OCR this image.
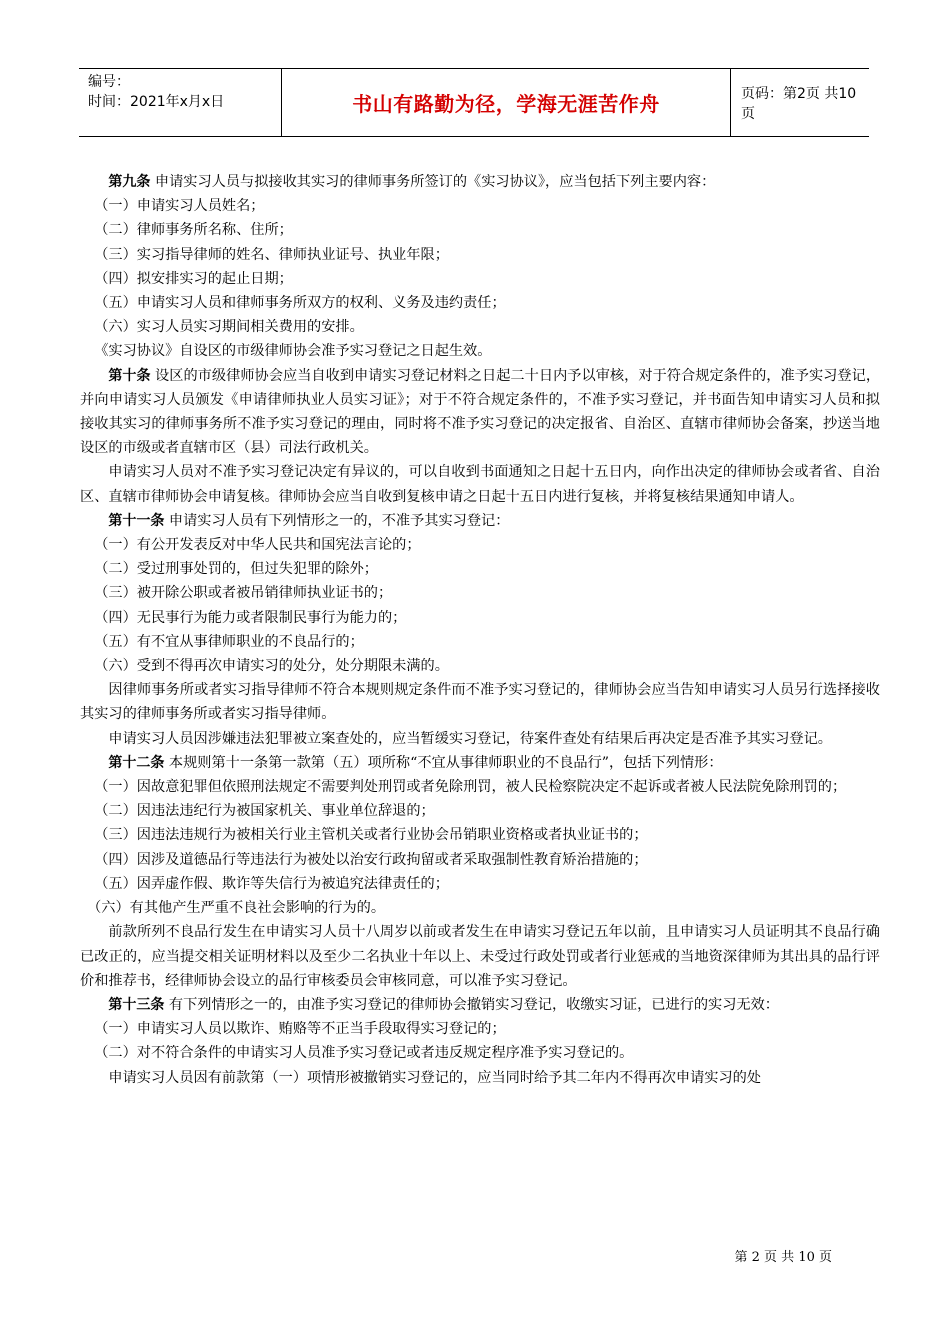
编号：
时间：2021年x月x日	书山有路勤为径，学海无涯苦作舟	页码：第2页 共10页

第九条 申请实习人员与拟接收其实习的律师事务所签订的《实习协议》，应当包括下列主要内容：

（一）申请实习人员姓名；

（二）律师事务所名称、住所；

（三）实习指导律师的姓名、律师执业证号、执业年限；

（四）拟安排实习的起止日期；

（五）申请实习人员和律师事务所双方的权利、义务及违约责任；

（六）实习人员实习期间相关费用的安排。

《实习协议》自设区的市级律师协会准予实习登记之日起生效。

第十条 设区的市级律师协会应当自收到申请实习登记材料之日起二十日内予以审核，对于符合规定条件的，准予实习登记，并向申请实习人员颁发《申请律师执业人员实习证》；对于不符合规定条件的，不准予实习登记，并书面告知申请实习人员和拟接收其实习的律师事务所不准予实习登记的理由，同时将不准予实习登记的决定报省、自治区、直辖市律师协会备案，抄送当地设区的市级或者直辖市区（县）司法行政机关。

申请实习人员对不准予实习登记决定有异议的，可以自收到书面通知之日起十五日内，向作出决定的律师协会或者省、自治区、直辖市律师协会申请复核。律师协会应当自收到复核申请之日起十五日内进行复核，并将复核结果通知申请人。

第十一条 申请实习人员有下列情形之一的，不准予其实习登记：

（一）有公开发表反对中华人民共和国宪法言论的；

（二）受过刑事处罚的，但过失犯罪的除外；

（三）被开除公职或者被吊销律师执业证书的；

（四）无民事行为能力或者限制民事行为能力的；

（五）有不宜从事律师职业的不良品行的；

（六）受到不得再次申请实习的处分，处分期限未满的。

因律师事务所或者实习指导律师不符合本规则规定条件而不准予实习登记的，律师协会应当告知申请实习人员另行选择接收其实习的律师事务所或者实习指导律师。

申请实习人员因涉嫌违法犯罪被立案查处的，应当暂缓实习登记，待案件查处有结果后再决定是否准予其实习登记。

第十二条 本规则第十一条第一款第（五）项所称“不宜从事律师职业的不良品行”，包括下列情形：

（一）因故意犯罪但依照刑法规定不需要判处刑罚或者免除刑罚，被人民检察院决定不起诉或者被人民法院免除刑罚的；

（二）因违法违纪行为被国家机关、事业单位辞退的；

（三）因违法违规行为被相关行业主管机关或者行业协会吊销职业资格或者执业证书的；

（四）因涉及道德品行等违法行为被处以治安行政拘留或者采取强制性教育矫治措施的；

（五）因弄虚作假、欺诈等失信行为被追究法律责任的；

（六）有其他产生严重不良社会影响的行为的。

前款所列不良品行发生在申请实习人员十八周岁以前或者发生在申请实习登记五年以前，且申请实习人员证明其不良品行确已改正的，应当提交相关证明材料以及至少二名执业十年以上、未受过行政处罚或者行业惩戒的当地资深律师为其出具的品行评价和推荐书，经律师协会设立的品行审核委员会审核同意，可以准予实习登记。

第十三条 有下列情形之一的，由准予实习登记的律师协会撤销实习登记，收缴实习证，已进行的实习无效：

（一）申请实习人员以欺诈、贿赂等不正当手段取得实习登记的；

（二）对不符合条件的申请实习人员准予实习登记或者违反规定程序准予实习登记的。

申请实习人员因有前款第（一）项情形被撤销实习登记的，应当同时给予其二年内不得再次申请实习的处

第 2 页 共 10 页
